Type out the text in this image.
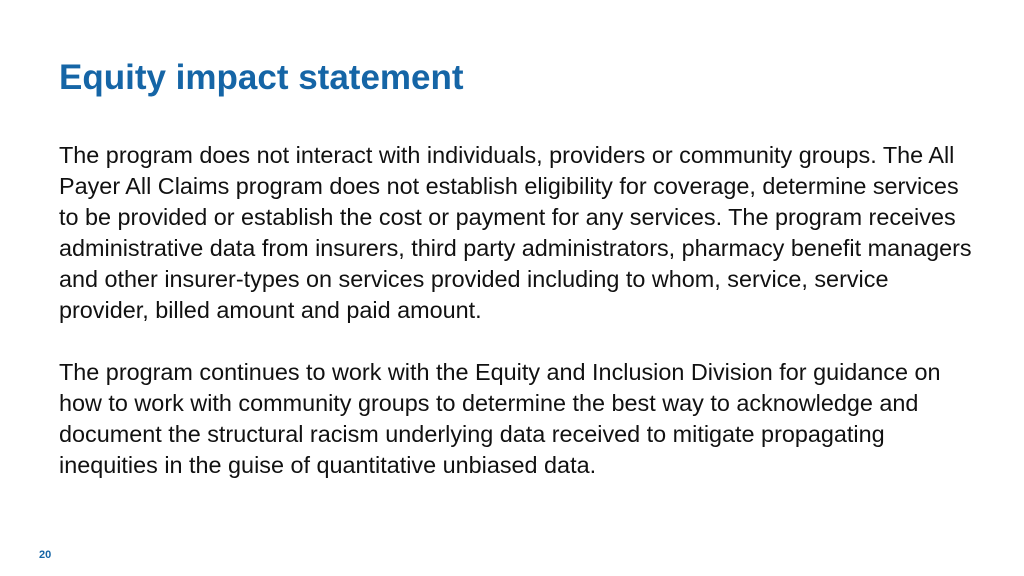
Equity impact statement

The program does not interact with individuals, providers or community groups. The All Payer All Claims program does not establish eligibility for coverage, determine services to be provided or establish the cost or payment for any services. The program receives administrative data from insurers, third party administrators, pharmacy benefit managers and other insurer-types on services provided including to whom, service, service provider, billed amount and paid amount.

The program continues to work with the Equity and Inclusion Division for guidance on how to work with community groups to determine the best way to acknowledge and document the structural racism underlying data received to mitigate propagating inequities in the guise of quantitative unbiased data.

20
